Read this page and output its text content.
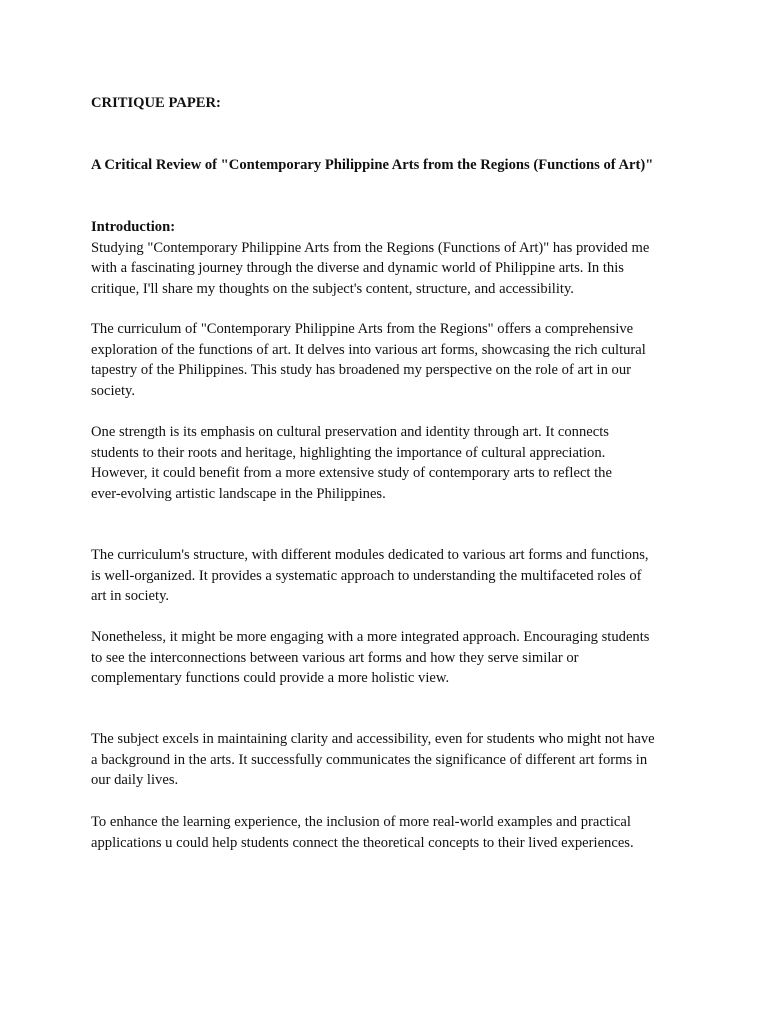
CRITIQUE PAPER:
A Critical Review of "Contemporary Philippine Arts from the Regions (Functions of Art)"
Introduction:
Studying "Contemporary Philippine Arts from the Regions (Functions of Art)" has provided me
with a fascinating journey through the diverse and dynamic world of Philippine arts. In this
critique, I'll share my thoughts on the subject's content, structure, and accessibility.
The curriculum of "Contemporary Philippine Arts from the Regions" offers a comprehensive
exploration of the functions of art. It delves into various art forms, showcasing the rich cultural
tapestry of the Philippines. This study has broadened my perspective on the role of art in our
society.
One strength is its emphasis on cultural preservation and identity through art. It connects
students to their roots and heritage, highlighting the importance of cultural appreciation.
However, it could benefit from a more extensive study of contemporary arts to reflect the
ever-evolving artistic landscape in the Philippines.
The curriculum's structure, with different modules dedicated to various art forms and functions,
is well-organized. It provides a systematic approach to understanding the multifaceted roles of
art in society.
Nonetheless, it might be more engaging with a more integrated approach. Encouraging students
to see the interconnections between various art forms and how they serve similar or
complementary functions could provide a more holistic view.
The subject excels in maintaining clarity and accessibility, even for students who might not have
a background in the arts. It successfully communicates the significance of different art forms in
our daily lives.
To enhance the learning experience, the inclusion of more real-world examples and practical
applications u could help students connect the theoretical concepts to their lived experiences.
